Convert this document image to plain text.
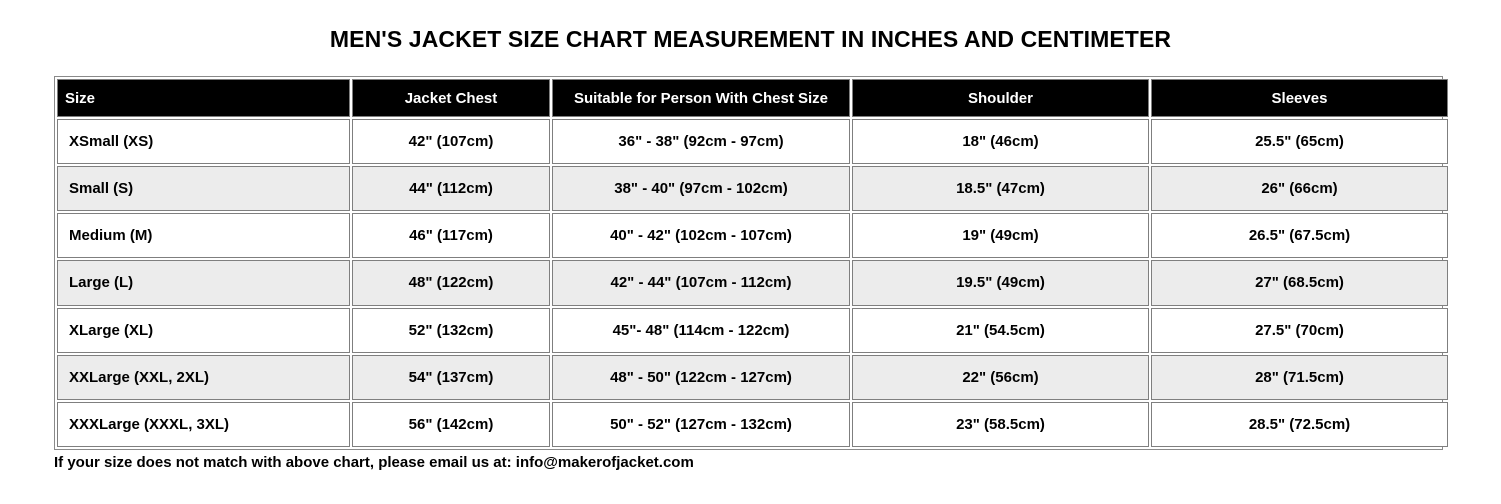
MEN'S JACKET SIZE CHART MEASUREMENT IN INCHES AND CENTIMETER
Size	Jacket Chest	Suitable for Person With Chest Size	Shoulder	Sleeves
XSmall (XS)	42" (107cm)	36" - 38" (92cm - 97cm)	18" (46cm)	25.5" (65cm)
Small (S)	44" (112cm)	38" - 40" (97cm - 102cm)	18.5" (47cm)	26" (66cm)
Medium (M)	46" (117cm)	40" - 42" (102cm - 107cm)	19" (49cm)	26.5" (67.5cm)
Large (L)	48" (122cm)	42" - 44" (107cm - 112cm)	19.5" (49cm)	27" (68.5cm)
XLarge (XL)	52" (132cm)	45"- 48" (114cm - 122cm)	21" (54.5cm)	27.5" (70cm)
XXLarge (XXL, 2XL)	54" (137cm)	48" - 50" (122cm - 127cm)	22" (56cm)	28" (71.5cm)
XXXLarge (XXXL, 3XL)	56" (142cm)	50" - 52" (127cm - 132cm)	23" (58.5cm)	28.5" (72.5cm)
If your size does not match with above chart, please email us at: info@makerofjacket.com
